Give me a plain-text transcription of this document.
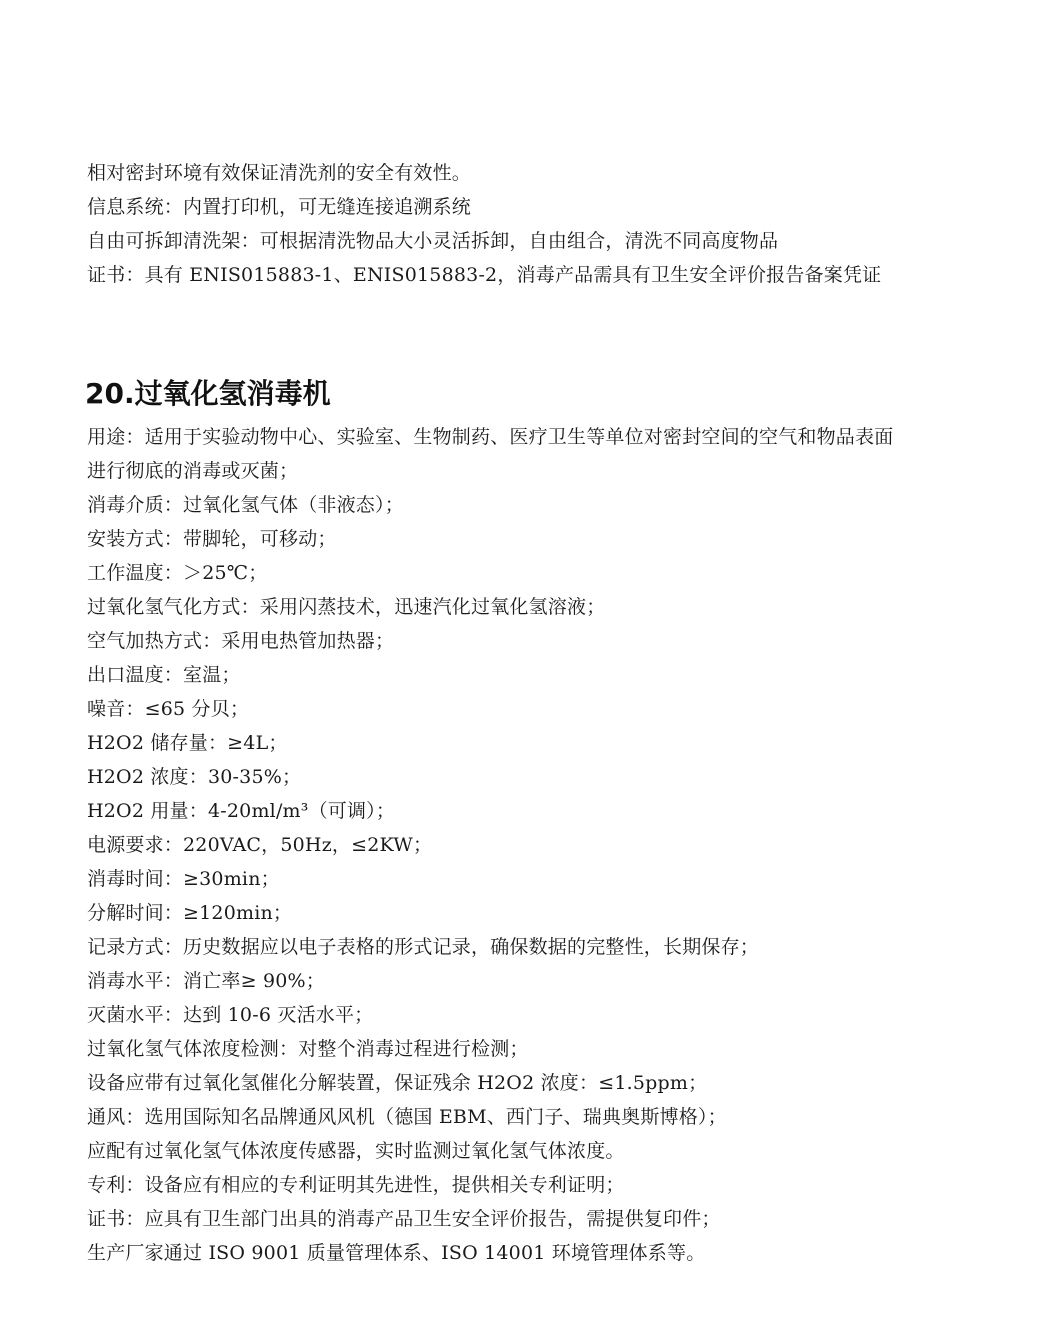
相对密封环境有效保证清洗剂的安全有效性。
信息系统：内置打印机，可无缝连接追溯系统
自由可拆卸清洗架：可根据清洗物品大小灵活拆卸，自由组合，清洗不同高度物品
证书：具有 ENIS015883-1、ENIS015883-2，消毒产品需具有卫生安全评价报告备案凭证
20.过氧化氢消毒机
用途：适用于实验动物中心、实验室、生物制药、医疗卫生等单位对密封空间的空气和物品表面
进行彻底的消毒或灭菌；
消毒介质：过氧化氢气体（非液态）；
安装方式：带脚轮，可移动；
工作温度：＞25℃；
过氧化氢气化方式：采用闪蒸技术，迅速汽化过氧化氢溶液；
空气加热方式：采用电热管加热器；
出口温度：室温；
噪音：≤65 分贝；
H2O2 储存量：≥4L；
H2O2 浓度：30-35%；
H2O2 用量：4-20ml/m³（可调）；
电源要求：220VAC，50Hz，≤2KW；
消毒时间：≥30min；
分解时间：≥120min；
记录方式：历史数据应以电子表格的形式记录，确保数据的完整性，长期保存；
消毒水平：消亡率≥ 90%；
灭菌水平：达到 10-6 灭活水平；
过氧化氢气体浓度检测：对整个消毒过程进行检测；
设备应带有过氧化氢催化分解装置，保证残余 H2O2 浓度：≤1.5ppm；
通风：选用国际知名品牌通风风机（德国 EBM、西门子、瑞典奥斯博格）；
应配有过氧化氢气体浓度传感器，实时监测过氧化氢气体浓度。
专利：设备应有相应的专利证明其先进性，提供相关专利证明；
证书：应具有卫生部门出具的消毒产品卫生安全评价报告，需提供复印件；
生产厂家通过 ISO 9001 质量管理体系、ISO 14001 环境管理体系等。
